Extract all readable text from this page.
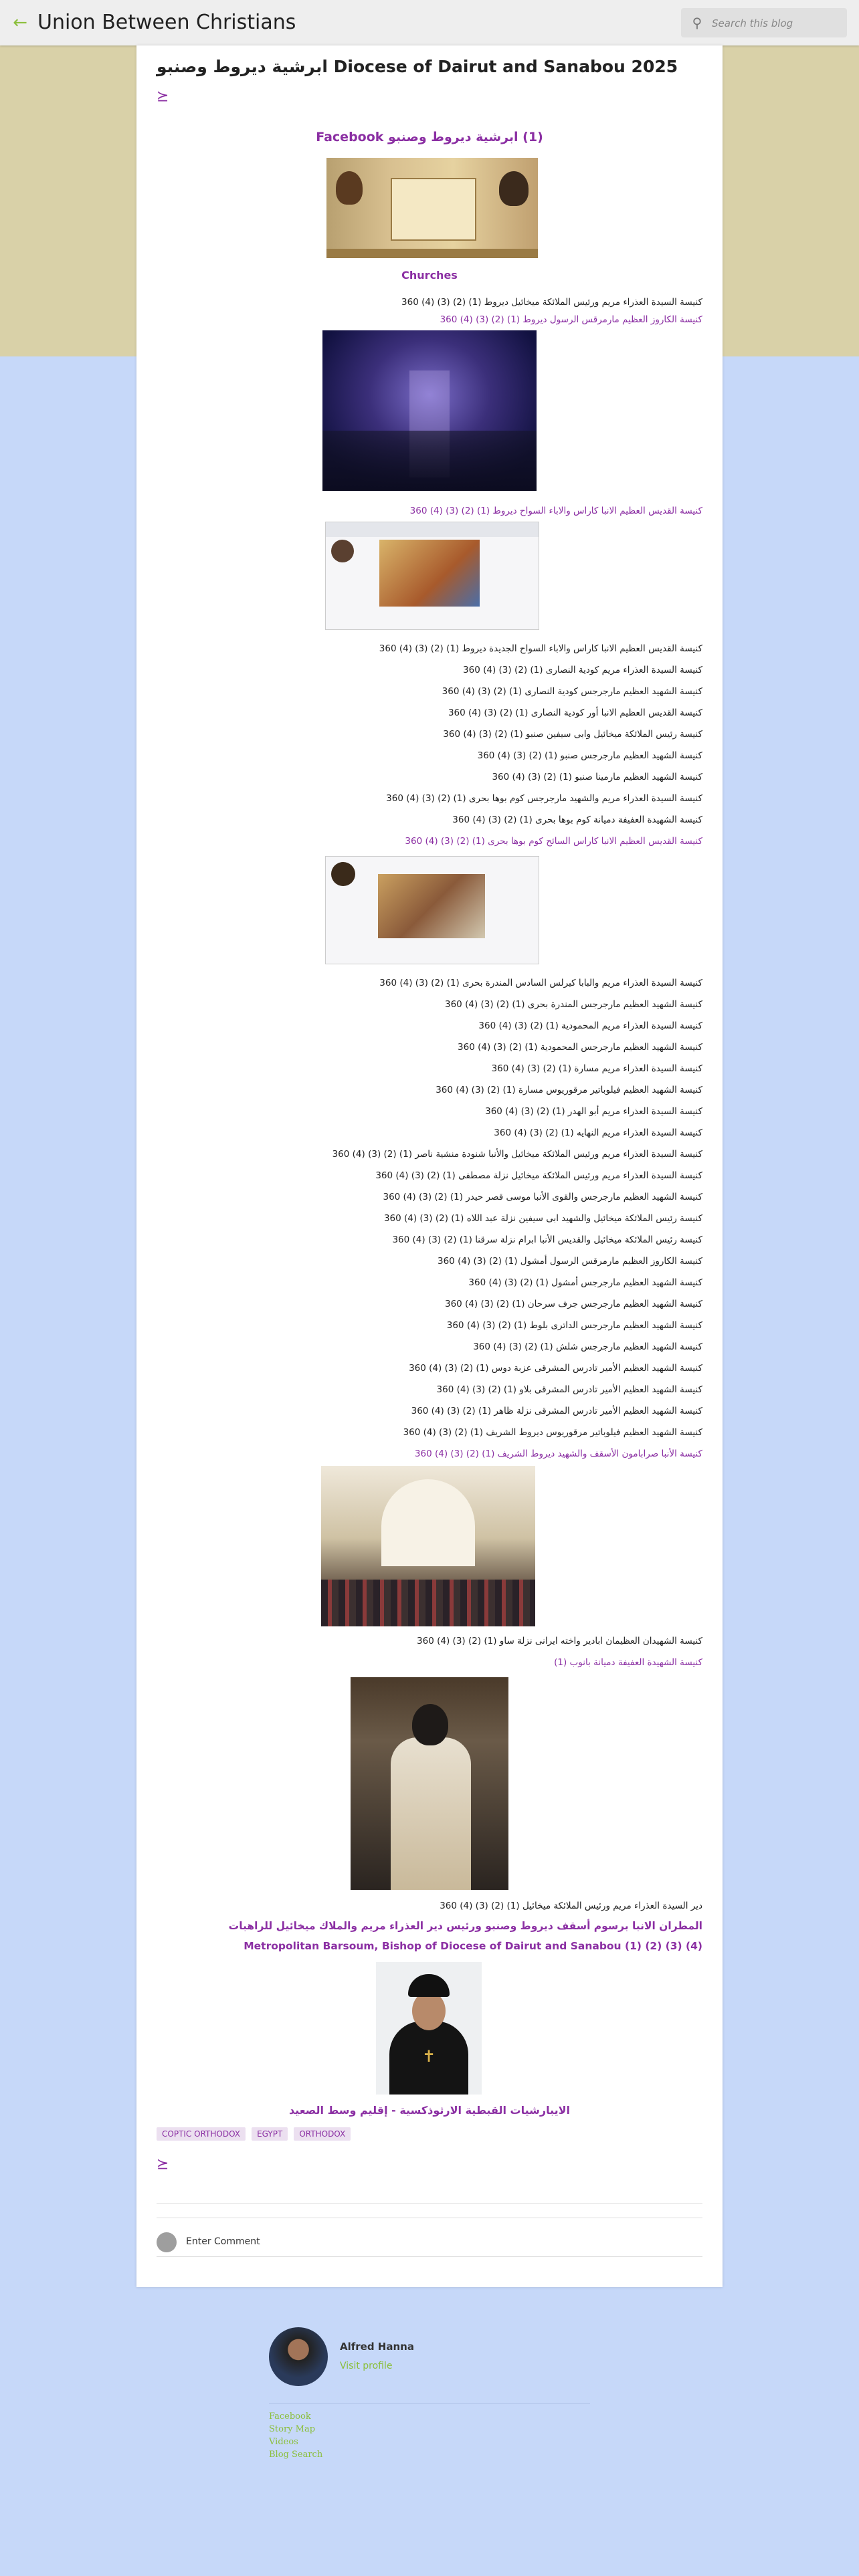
← Union Between Christians	⚲
Search this blog
ابرشية ديروط وصنبو Diocese of Dairut and Sanabou 2025
⪰
(1) ابرشية ديروط وصنبو Facebook
Churches
كنيسة السيدة العذراء مريم ورئيس الملائكة ميخائيل ديروط (1) (2) (3) (4) 360
كنيسة الكاروز العظيم مارمرقس الرسول ديروط (1) (2) (3) (4) 360
كنيسة القديس العظيم الانبا كاراس والاباء السواح ديروط (1) (2) (3) (4) 360
كنيسة القديس العظيم الانبا كاراس والاباء السواح الجديدة ديروط (1) (2) (3) (4) 360
كنيسة السيدة العذراء مريم كودية النصارى (1) (2) (3) (4) 360
كنيسة الشهيد العظيم مارجرجس كودية النصارى (1) (2) (3) (4) 360
كنيسة القديس العظيم الانبا أور كودية النصارى (1) (2) (3) (4) 360
كنيسة رئيس الملائكة ميخائيل وابى سيفين صنبو (1) (2) (3) (4) 360
كنيسة الشهيد العظيم مارجرجس صنبو (1) (2) (3) (4) 360
كنيسة الشهيد العظيم مارمينا صنبو (1) (2) (3) (4) 360
كنيسة السيدة العذراء مريم والشهيد مارجرجس كوم بوها بحرى (1) (2) (3) (4) 360
كنيسة الشهيدة العفيفة دميانة كوم بوها بحرى (1) (2) (3) (4) 360
كنيسة القديس العظيم الانبا كاراس السائح كوم بوها بحرى (1) (2) (3) (4) 360
كنيسة السيدة العذراء مريم والبابا كيرلس السادس المندرة بحرى (1) (2) (3) (4) 360
كنيسة الشهيد العظيم مارجرجس المندرة بحرى (1) (2) (3) (4) 360
كنيسة السيدة العذراء مريم المحمودية (1) (2) (3) (4) 360
كنيسة الشهيد العظيم مارجرجس المحمودية (1) (2) (3) (4) 360
كنيسة السيدة العذراء مريم مسارة (1) (2) (3) (4) 360
كنيسة الشهيد العظيم فيلوباتير مرقوريوس مسارة (1) (2) (3) (4) 360
كنيسة السيدة العذراء مريم أبو الهدر (1) (2) (3) (4) 360
كنيسة السيدة العذراء مريم النهايه (1) (2) (3) (4) 360
كنيسة السيدة العذراء مريم ورئيس الملائكة ميخائيل والأنبا شنودة منشية ناصر (1) (2) (3) (4) 360
كنيسة السيدة العذراء مريم ورئيس الملائكة ميخائيل نزلة مصطفى (1) (2) (3) (4) 360
كنيسة الشهيد العظيم مارجرجس والقوى الأنبا موسى قصر حيدر (1) (2) (3) (4) 360
كنيسة رئيس الملائكة ميخائيل والشهيد ابى سيفين نزلة عبد اللاه (1) (2) (3) (4) 360
كنيسة رئيس الملائكة ميخائيل والقديس الأنبا ابرام نزلة سرقنا (1) (2) (3) (4) 360
كنيسة الكاروز العظيم مارمرقس الرسول أمشول (1) (2) (3) (4) 360
كنيسة الشهيد العظيم مارجرجس أمشول (1) (2) (3) (4) 360
كنيسة الشهيد العظيم مارجرجس جرف سرحان (1) (2) (3) (4) 360
كنيسة الشهيد العظيم مارجرجس الداترى بلوط (1) (2) (3) (4) 360
كنيسة الشهيد العظيم مارجرجس شلش (1) (2) (3) (4) 360
كنيسة الشهيد العظيم الأمير تادرس المشرقى عزبة دوس (1) (2) (3) (4) 360
كنيسة الشهيد العظيم الأمير تادرس المشرقى بلاو (1) (2) (3) (4) 360
كنيسة الشهيد العظيم الأمير تادرس المشرقى نزلة ظاهر (1) (2) (3) (4) 360
كنيسة الشهيد العظيم فيلوباتير مرقوريوس ديروط الشريف (1) (2) (3) (4) 360
كنيسة الأنبا صرابامون الأسقف والشهيد ديروط الشريف (1) (2) (3) (4) 360
كنيسة الشهيدان العظيمان ابادير واخته ايرانى نزلة ساو (1) (2) (3) (4) 360
كنيسة الشهيدة العفيفة دميانة بانوب (1)
دير السيدة العذراء مريم ورئيس الملائكة ميخائيل (1) (2) (3) (4) 360
المطران الانبا برسوم أسقف ديروط وصنبو ورئيس دير العذراء مريم والملاك ميخائيل للراهبات
Metropolitan Barsoum, Bishop of Diocese of Dairut and Sanabou (1) (2) (3) (4)
✝
الايبارشيات القبطية الارثوذكسية - إقليم وسط الصعيد
COPTIC ORTHODOX EGYPT ORTHODOX
⪰
Enter Comment
Alfred Hanna
Visit profile
Facebook
Story Map
Videos
Blog Search
